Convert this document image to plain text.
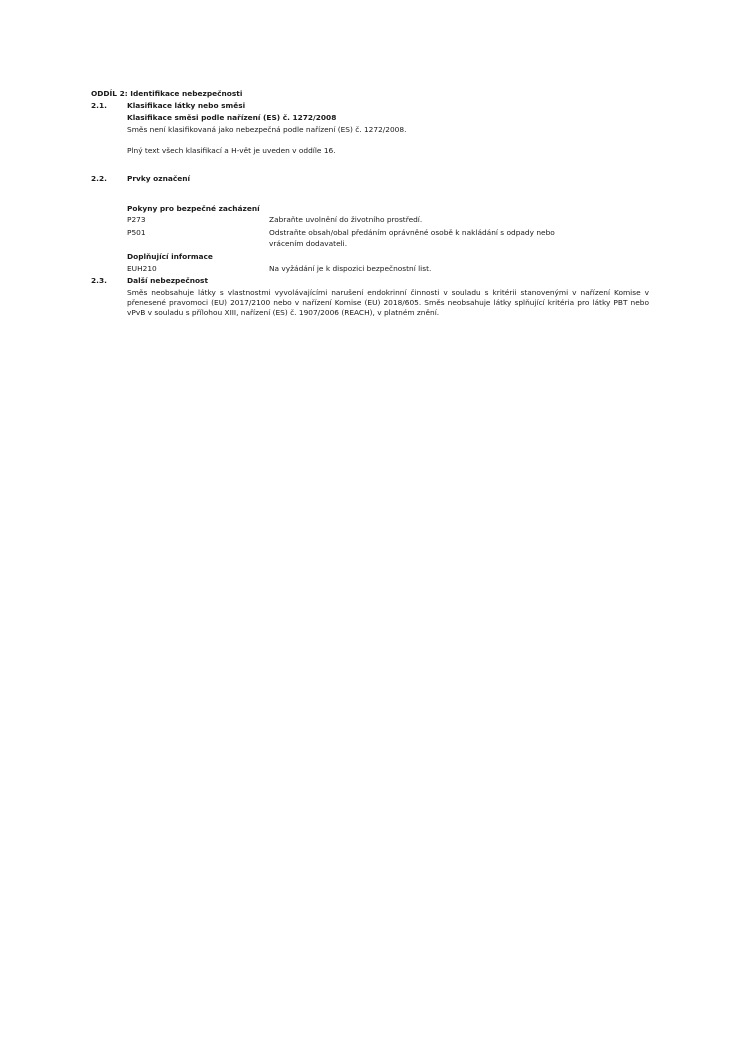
ODDÍL 2: Identifikace nebezpečnosti
2.1.	Klasifikace látky nebo směsi
Klasifikace směsi podle nařízení (ES) č. 1272/2008
Směs není klasifikovaná jako nebezpečná podle nařízení (ES) č. 1272/2008.
Plný text všech klasifikací a H-vět je uveden v oddíle 16.
2.2.	Prvky označení
Pokyny pro bezpečné zacházení
P273	Zabraňte uvolnění do životního prostředí.
P501	Odstraňte obsah/obal předáním oprávněné osobě k nakládání s odpady nebo
vrácením dodavateli.
Doplňující informace
EUH210	Na vyžádání je k dispozici bezpečnostní list.
2.3.	Další nebezpečnost
Směs neobsahuje látky s vlastnostmi vyvolávajícími narušení endokrinní činnosti v souladu s kritérii stanovenými v nařízení Komise v přenesené pravomoci (EU) 2017/2100 nebo v nařízení Komise (EU) 2018/605. Směs neobsahuje látky splňující kritéria pro látky PBT nebo vPvB v souladu s přílohou XIII, nařízení (ES) č. 1907/2006 (REACH), v platném znění.
